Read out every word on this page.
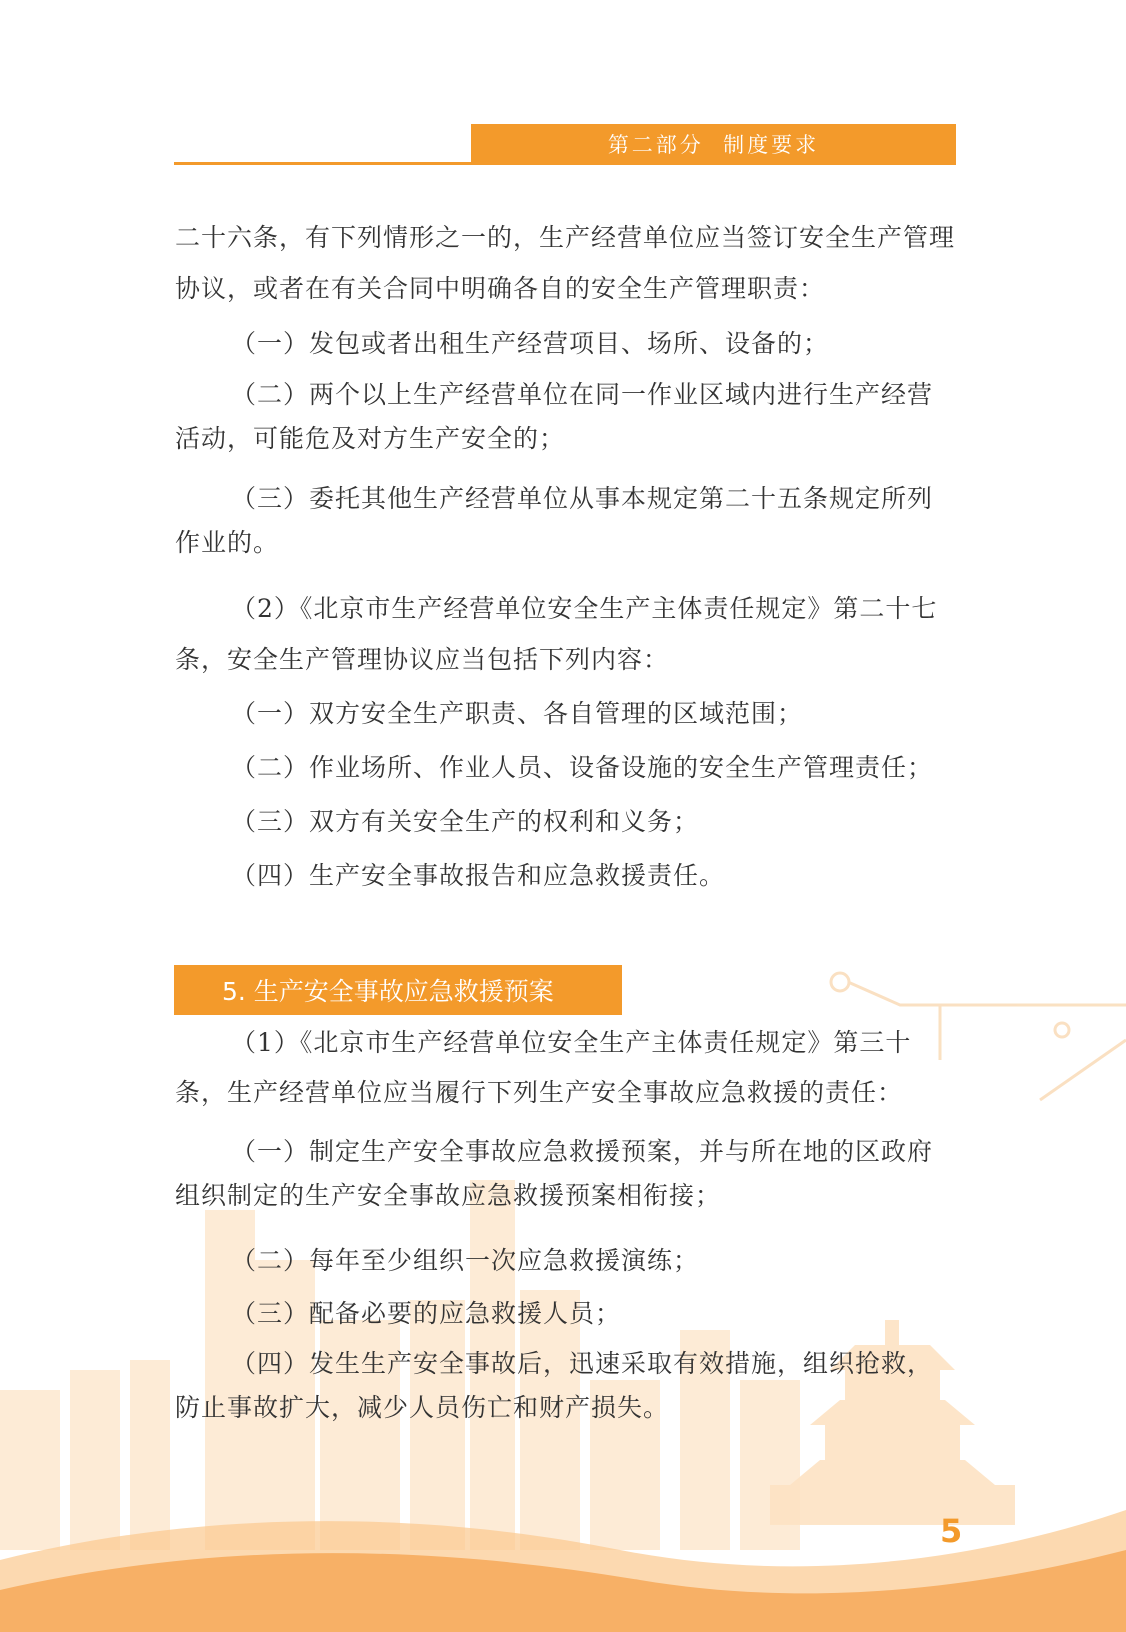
第二部分  制度要求

二十六条，有下列情形之一的，生产经营单位应当签订安全生产管理协议，或者在有关合同中明确各自的安全生产管理职责：

（一）发包或者出租生产经营项目、场所、设备的；

（二）两个以上生产经营单位在同一作业区域内进行生产经营活动，可能危及对方生产安全的；

（三）委托其他生产经营单位从事本规定第二十五条规定所列作业的。

（2）《北京市生产经营单位安全生产主体责任规定》第二十七条，安全生产管理协议应当包括下列内容：

（一）双方安全生产职责、各自管理的区域范围；

（二）作业场所、作业人员、设备设施的安全生产管理责任；

（三）双方有关安全生产的权利和义务；

（四）生产安全事故报告和应急救援责任。

5. 生产安全事故应急救援预案

（1）《北京市生产经营单位安全生产主体责任规定》第三十条，生产经营单位应当履行下列生产安全事故应急救援的责任：

（一）制定生产安全事故应急救援预案，并与所在地的区政府组织制定的生产安全事故应急救援预案相衔接；

（二）每年至少组织一次应急救援演练；

（三）配备必要的应急救援人员；

（四）发生生产安全事故后，迅速采取有效措施，组织抢救，防止事故扩大，减少人员伤亡和财产损失。

5
